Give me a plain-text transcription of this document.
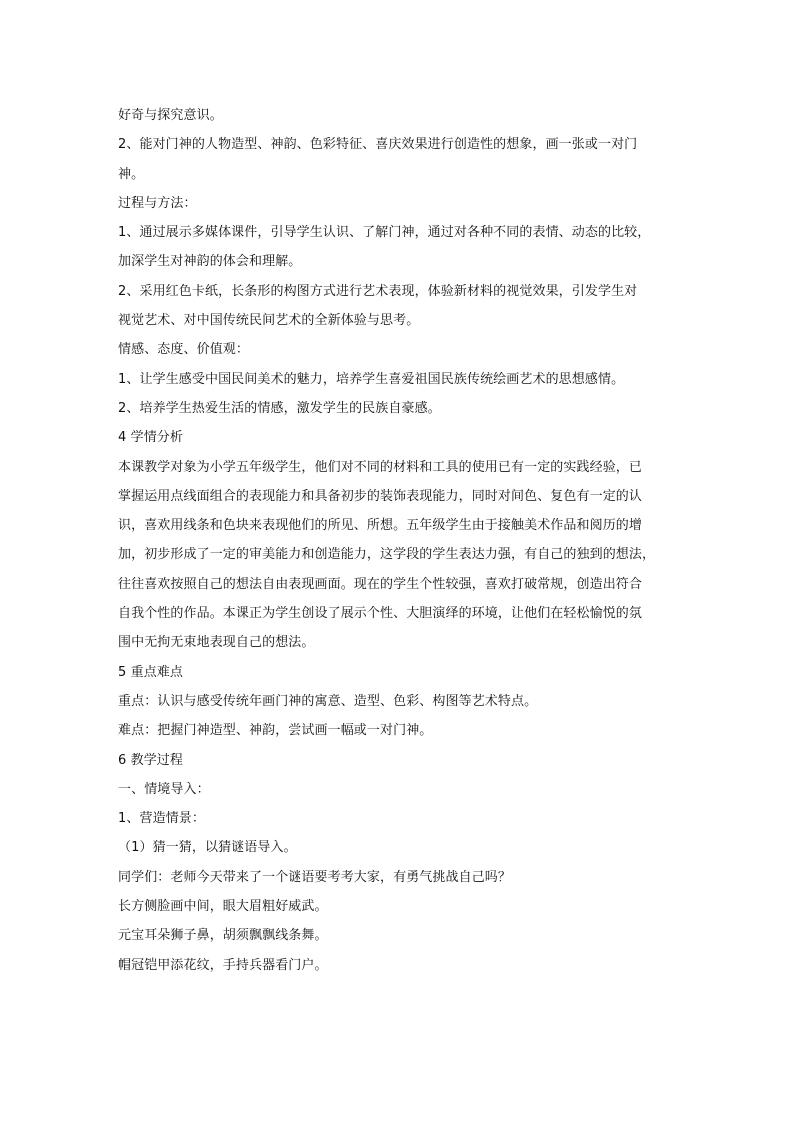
好奇与探究意识。
2、能对门神的人物造型、神韵、色彩特征、喜庆效果进行创造性的想象，画一张或一对门
神。
过程与方法：
1、通过展示多媒体课件，引导学生认识、了解门神，通过对各种不同的表情、动态的比较，
加深学生对神韵的体会和理解。
2、采用红色卡纸，长条形的构图方式进行艺术表现，体验新材料的视觉效果，引发学生对
视觉艺术、对中国传统民间艺术的全新体验与思考。
情感、态度、价值观：
1、让学生感受中国民间美术的魅力，培养学生喜爱祖国民族传统绘画艺术的思想感情。
2、培养学生热爱生活的情感，激发学生的民族自豪感。
4 学情分析
本课教学对象为小学五年级学生，他们对不同的材料和工具的使用已有一定的实践经验，已
掌握运用点线面组合的表现能力和具备初步的装饰表现能力，同时对间色、复色有一定的认
识，喜欢用线条和色块来表现他们的所见、所想。五年级学生由于接触美术作品和阅历的增
加，初步形成了一定的审美能力和创造能力，这学段的学生表达力强，有自己的独到的想法，
往往喜欢按照自己的想法自由表现画面。现在的学生个性较强，喜欢打破常规，创造出符合
自我个性的作品。本课正为学生创设了展示个性、大胆演绎的环境，让他们在轻松愉悦的氛
围中无拘无束地表现自己的想法。
5 重点难点
重点：认识与感受传统年画门神的寓意、造型、色彩、构图等艺术特点。
难点：把握门神造型、神韵，尝试画一幅或一对门神。
6 教学过程
一、情境导入：
1、营造情景：
（1）猜一猜，以猜谜语导入。
同学们：老师今天带来了一个谜语要考考大家，有勇气挑战自己吗？
长方侧脸画中间，眼大眉粗好威武。
元宝耳朵狮子鼻，胡须飘飘线条舞。
帽冠铠甲添花纹，手持兵器看门户。
